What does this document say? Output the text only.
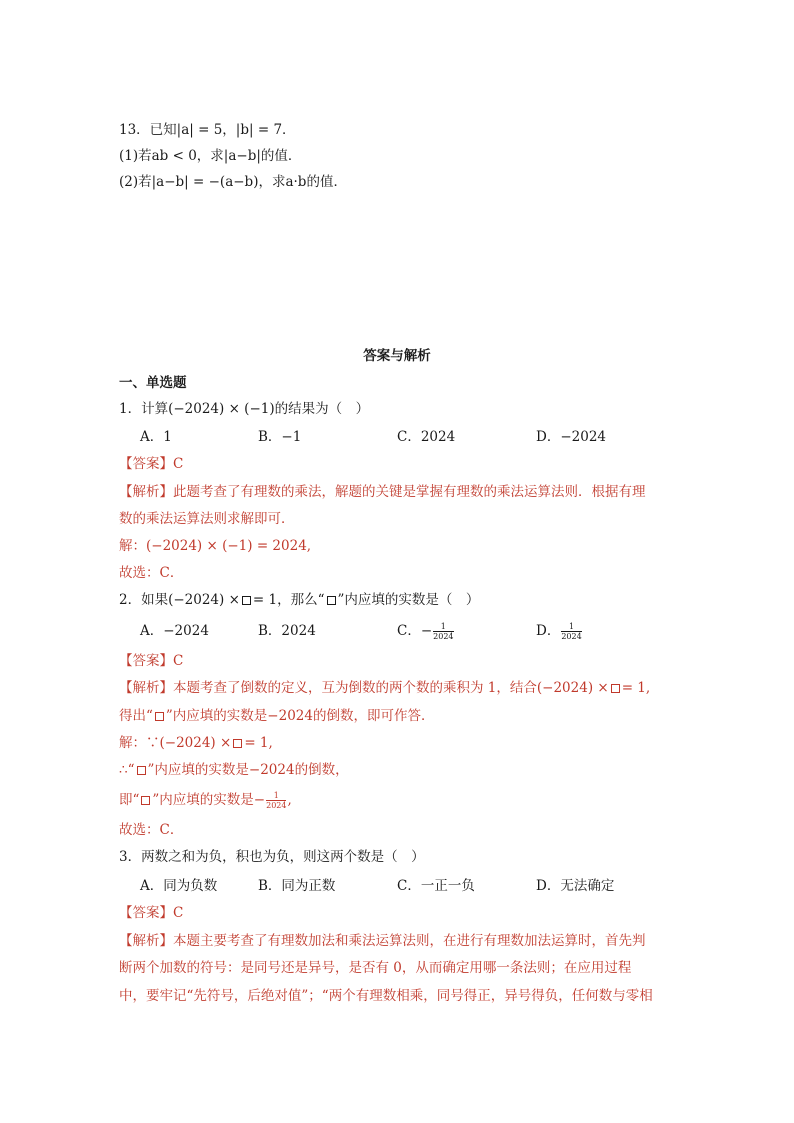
13．已知|a| = 5，|b| = 7．
(1)若ab < 0，求|a−b|的值．
(2)若|a−b| = −(a−b)，求a·b的值．
答案与解析
一、单选题
1．计算(−2024) × (−1)的结果为（　）
A．1	B．−1	C．2024	D．−2024
【答案】C
【解析】此题考查了有理数的乘法，解题的关键是掌握有理数的乘法运算法则．根据有理
数的乘法运算法则求解即可．
解：(−2024) × (−1) = 2024,
故选：C．
2．如果(−2024) × = 1，那么“ ”内应填的实数是（　）
A．−2024	B．2024	C．− $\frac{1}{2024}$	D． $\frac{1}{2024}$
【答案】C
【解析】本题考查了倒数的定义，互为倒数的两个数的乘积为 1，结合(−2024) × = 1,
得出“ ”内应填的实数是−2024的倒数，即可作答．
解：∵(−2024) × = 1,
∴“ ”内应填的实数是−2024的倒数，
即“ ”内应填的实数是− $\frac{1}{2024}$ ,
故选：C．
3．两数之和为负，积也为负，则这两个数是（　）
A．同为负数	B．同为正数	C．一正一负	D．无法确定
【答案】C
【解析】本题主要考查了有理数加法和乘法运算法则，在进行有理数加法运算时，首先判
断两个加数的符号：是同号还是异号，是否有 0，从而确定用哪一条法则；在应用过程
中，要牢记“先符号，后绝对值”；“两个有理数相乘，同号得正，异号得负，任何数与零相
